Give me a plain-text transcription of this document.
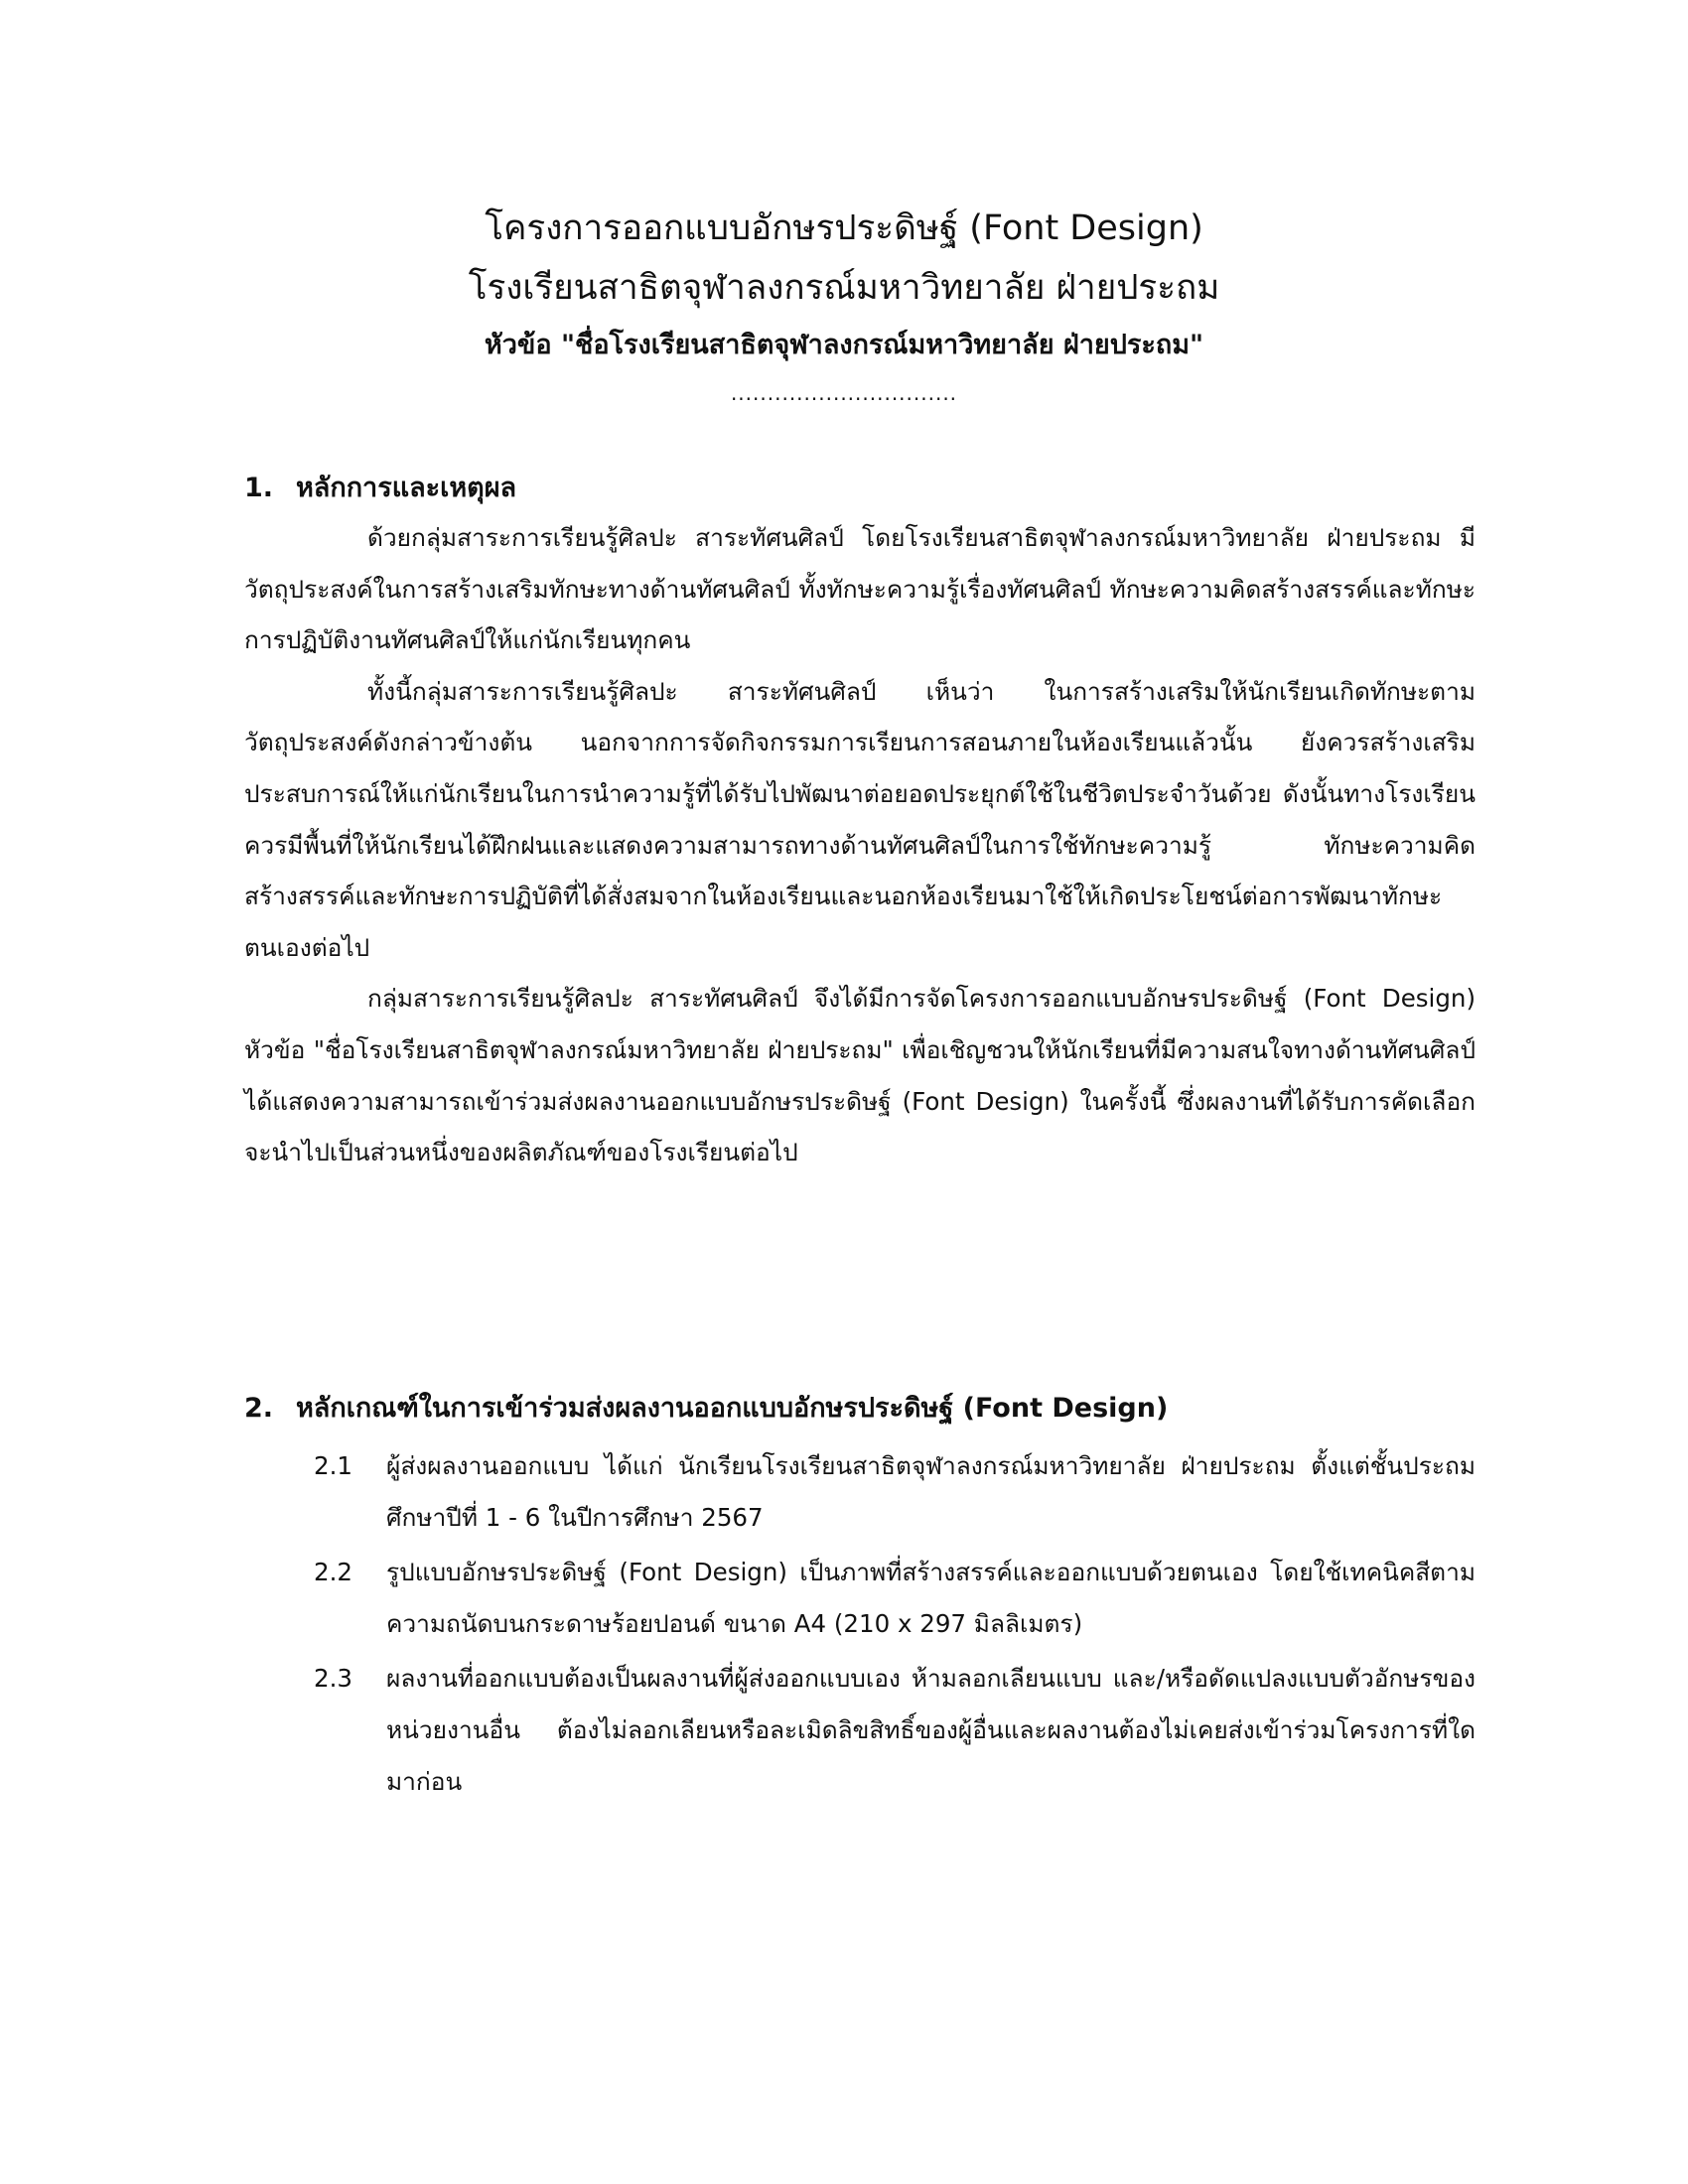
โครงการออกแบบอักษรประดิษฐ์ (Font Design)
โรงเรียนสาธิตจุฬาลงกรณ์มหาวิทยาลัย ฝ่ายประถม
หัวข้อ "ชื่อโรงเรียนสาธิตจุฬาลงกรณ์มหาวิทยาลัย ฝ่ายประถม"
...............................
1. หลักการและเหตุผล

ด้วยกลุ่มสาระการเรียนรู้ศิลปะ สาระทัศนศิลป์ โดยโรงเรียนสาธิตจุฬาลงกรณ์มหาวิทยาลัย ฝ่ายประถม มีวัตถุประสงค์ในการสร้างเสริมทักษะทางด้านทัศนศิลป์ ทั้งทักษะความรู้เรื่องทัศนศิลป์ ทักษะความคิดสร้างสรรค์และทักษะการปฏิบัติงานทัศนศิลป์ให้แก่นักเรียนทุกคน

ทั้งนี้กลุ่มสาระการเรียนรู้ศิลปะ สาระทัศนศิลป์ เห็นว่า ในการสร้างเสริมให้นักเรียนเกิดทักษะตามวัตถุประสงค์ดังกล่าวข้างต้น นอกจากการจัดกิจกรรมการเรียนการสอนภายในห้องเรียนแล้วนั้น ยังควรสร้างเสริมประสบการณ์ให้แก่นักเรียนในการนำความรู้ที่ได้รับไปพัฒนาต่อยอดประยุกต์ใช้ในชีวิตประจำวันด้วย ดังนั้นทางโรงเรียนควรมีพื้นที่ให้นักเรียนได้ฝึกฝนและแสดงความสามารถทางด้านทัศนศิลป์ในการใช้ทักษะความรู้ ทักษะความคิดสร้างสรรค์และทักษะการปฏิบัติที่ได้สั่งสมจากในห้องเรียนและนอกห้องเรียนมาใช้ให้เกิดประโยชน์ต่อการพัฒนาทักษะตนเองต่อไป

กลุ่มสาระการเรียนรู้ศิลปะ สาระทัศนศิลป์ จึงได้มีการจัดโครงการออกแบบอักษรประดิษฐ์ (Font Design) หัวข้อ "ชื่อโรงเรียนสาธิตจุฬาลงกรณ์มหาวิทยาลัย ฝ่ายประถม" เพื่อเชิญชวนให้นักเรียนที่มีความสนใจทางด้านทัศนศิลป์ได้แสดงความสามารถเข้าร่วมส่งผลงานออกแบบอักษรประดิษฐ์ (Font Design) ในครั้งนี้ ซึ่งผลงานที่ได้รับการคัดเลือกจะนำไปเป็นส่วนหนึ่งของผลิตภัณฑ์ของโรงเรียนต่อไป

2. หลักเกณฑ์ในการเข้าร่วมส่งผลงานออกแบบอักษรประดิษฐ์ (Font Design)
2.1	ผู้ส่งผลงานออกแบบ ได้แก่ นักเรียนโรงเรียนสาธิตจุฬาลงกรณ์มหาวิทยาลัย ฝ่ายประถม ตั้งแต่ชั้นประถมศึกษาปีที่ 1 - 6 ในปีการศึกษา 2567
2.2	รูปแบบอักษรประดิษฐ์ (Font Design) เป็นภาพที่สร้างสรรค์และออกแบบด้วยตนเอง โดยใช้เทคนิคสีตามความถนัดบนกระดาษร้อยปอนด์ ขนาด A4 (210 x 297 มิลลิเมตร)
2.3	ผลงานที่ออกแบบต้องเป็นผลงานที่ผู้ส่งออกแบบเอง ห้ามลอกเลียนแบบ และ/หรือดัดแปลงแบบตัวอักษรของหน่วยงานอื่น ต้องไม่ลอกเลียนหรือละเมิดลิขสิทธิ์ของผู้อื่นและผลงานต้องไม่เคยส่งเข้าร่วมโครงการที่ใดมาก่อน
